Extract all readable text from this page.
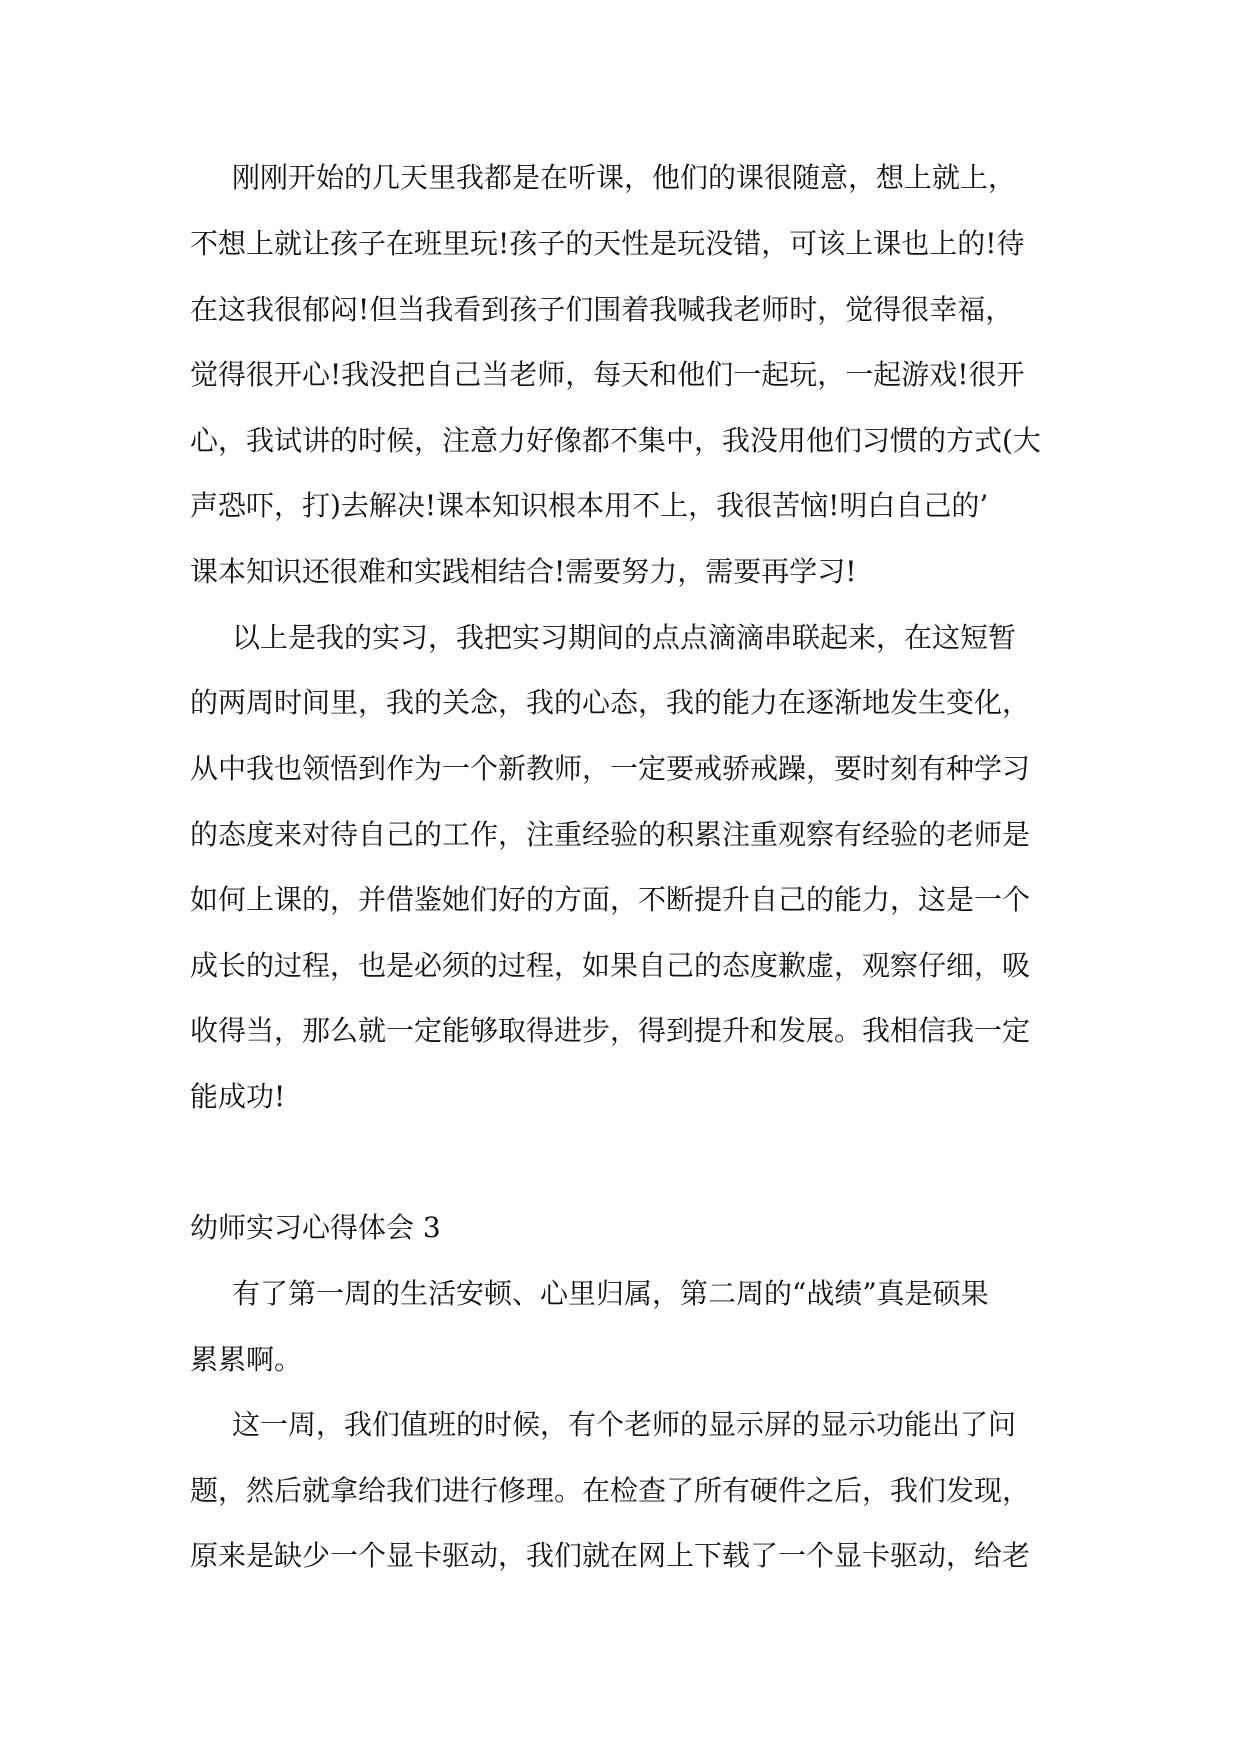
刚刚开始的几天里我都是在听课，他们的课很随意，想上就上，
不想上就让孩子在班里玩!孩子的天性是玩没错，可该上课也上的!待
在这我很郁闷!但当我看到孩子们围着我喊我老师时，觉得很幸福，
觉得很开心!我没把自己当老师，每天和他们一起玩，一起游戏!很开
心，我试讲的时候，注意力好像都不集中，我没用他们习惯的方式(大
声恐吓，打)去解决!课本知识根本用不上，我很苦恼!明白自己的’
课本知识还很难和实践相结合!需要努力，需要再学习!
以上是我的实习，我把实习期间的点点滴滴串联起来，在这短暂
的两周时间里，我的关念，我的心态，我的能力在逐渐地发生变化，
从中我也领悟到作为一个新教师，一定要戒骄戒躁，要时刻有种学习
的态度来对待自己的工作，注重经验的积累注重观察有经验的老师是
如何上课的，并借鉴她们好的方面，不断提升自己的能力，这是一个
成长的过程，也是必须的过程，如果自己的态度歉虚，观察仔细，吸
收得当，那么就一定能够取得进步，得到提升和发展。我相信我一定
能成功!
幼师实习心得体会 3
有了第一周的生活安顿、心里归属，第二周的“战绩”真是硕果
累累啊。
这一周，我们值班的时候，有个老师的显示屏的显示功能出了问
题，然后就拿给我们进行修理。在检查了所有硬件之后，我们发现，
原来是缺少一个显卡驱动，我们就在网上下载了一个显卡驱动，给老
